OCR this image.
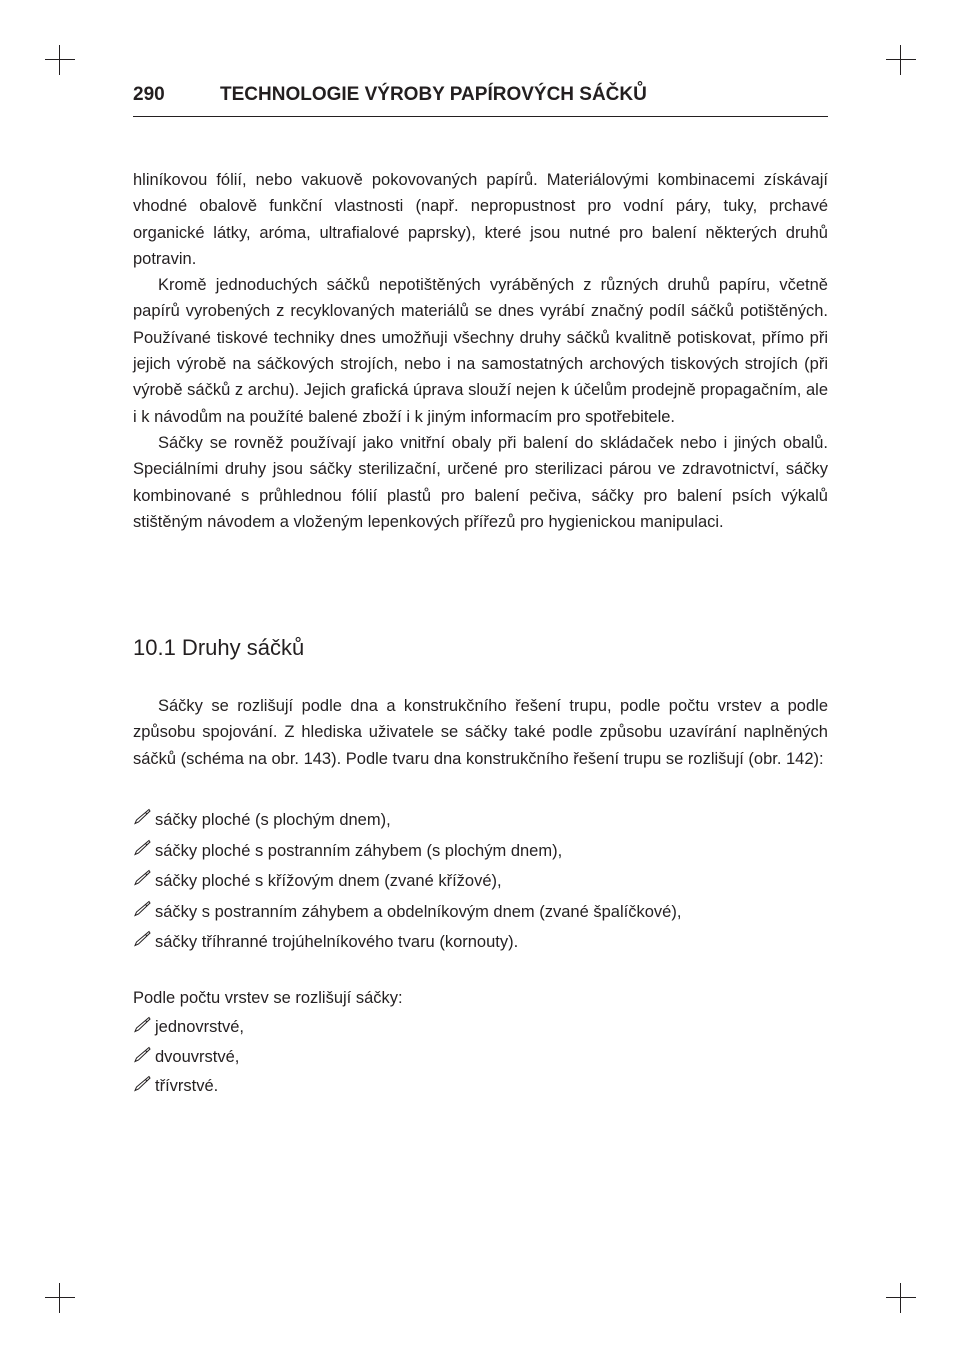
290	TECHNOLOGIE VÝROBY PAPÍROVÝCH SÁČKŮ

hliníkovou fólií, nebo vakuově pokovovaných papírů. Materiálovými kombinacemi získávají vhodné obalově funkční vlastnosti (např. nepropustnost pro vodní páry, tuky, prchavé organické látky, aróma, ultrafialové paprsky), které jsou nutné pro balení některých druhů potravin.

Kromě jednoduchých sáčků nepotištěných vyráběných z různých druhů papíru, včetně papírů vyrobených z recyklovaných materiálů se dnes vyrábí značný podíl sáčků potištěných. Používané tiskové techniky dnes umožňuji všechny druhy sáčků kvalitně potiskovat, přímo při jejich výrobě na sáčkových strojích, nebo i na samostatných archových tiskových strojích (při výrobě sáčků z archu). Jejich grafická úprava slouží nejen k účelům prodejně propagačním, ale i k návodům na použíté balené zboží i k jiným informacím pro spotřebitele.

Sáčky se rovněž používají jako vnitřní obaly při balení do skládaček nebo i jiných obalů. Speciálními druhy jsou sáčky sterilizační, určené pro sterilizaci párou ve zdravotnictví, sáčky kombinované s průhlednou fólií plastů pro balení pečiva, sáčky pro balení psích výkalů stištěným návodem a vloženým lepenkových přířezů pro hygienickou manipulaci.

10.1 Druhy sáčků

Sáčky se rozlišují podle dna a konstrukčního řešení trupu, podle počtu vrstev a podle způsobu spojování. Z hlediska uživatele se sáčky také podle způsobu uzavírání naplněných sáčků (schéma na obr. 143). Podle tvaru dna konstrukčního řešení trupu se rozlišují (obr. 142):

sáčky ploché (s plochým dnem),
sáčky ploché s postranním záhybem (s plochým dnem),
sáčky ploché s křížovým dnem (zvané křížové),
sáčky s postranním záhybem a obdelníkovým dnem (zvané špalíčkové),
sáčky tříhranné trojúhelníkového tvaru (kornouty).
Podle počtu vrstev se rozlišují sáčky:
jednovrstvé,
dvouvrstvé,
třívrstvé.
